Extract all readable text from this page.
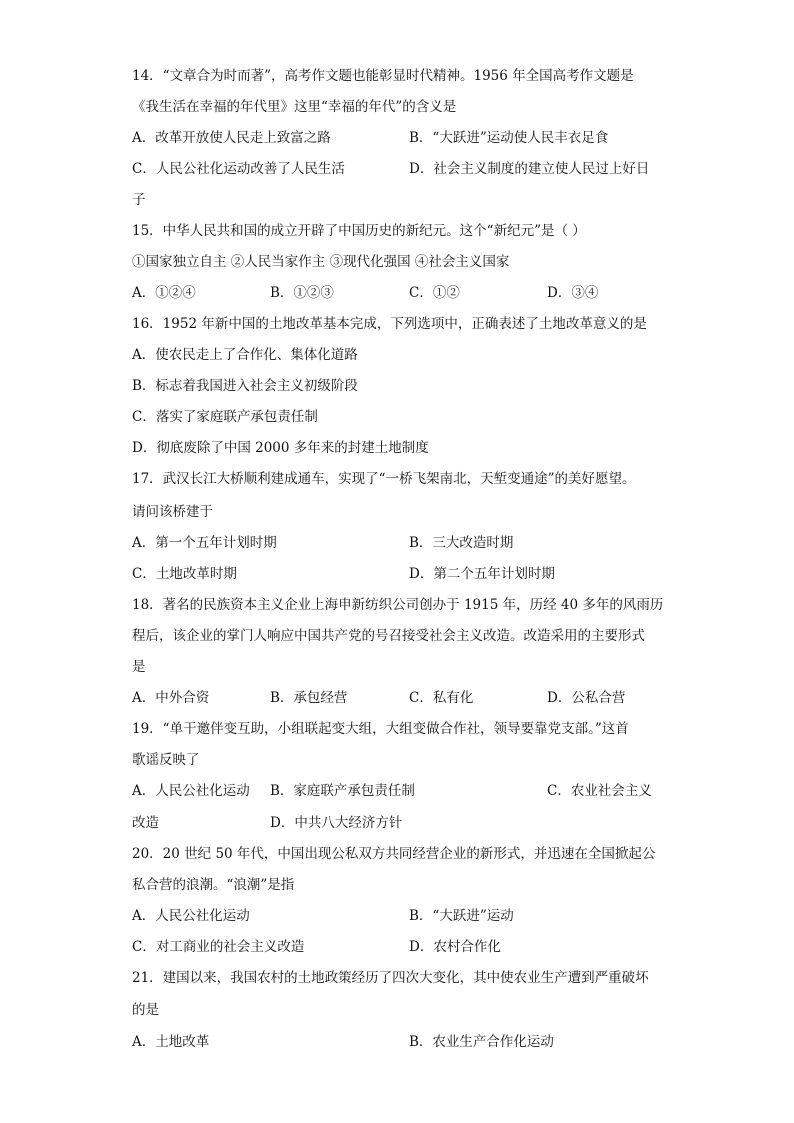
14．“文章合为时而著”，高考作文题也能彰显时代精神。1956 年全国高考作文题是
《我生活在幸福的年代里》这里“幸福的年代”的含义是
A．改革开放使人民走上致富之路	B．“大跃进”运动使人民丰衣足食
C．人民公社化运动改善了人民生活	D．社会主义制度的建立使人民过上好日
子
15．中华人民共和国的成立开辟了中国历史的新纪元。这个“新纪元”是（ ）
①国家独立自主 ②人民当家作主 ③现代化强国 ④社会主义国家
A．①②④	B．①②③	C．①②	D．③④
16．1952 年新中国的土地改革基本完成，下列选项中，正确表述了土地改革意义的是
A．使农民走上了合作化、集体化道路
B．标志着我国进入社会主义初级阶段
C．落实了家庭联产承包责任制
D．彻底废除了中国 2000 多年来的封建土地制度
17．武汉长江大桥顺利建成通车，实现了“一桥飞架南北，天堑变通途”的美好愿望。
请问该桥建于
A．第一个五年计划时期	B．三大改造时期
C．土地改革时期	D．第二个五年计划时期
18．著名的民族资本主义企业上海申新纺织公司创办于 1915 年，历经 40 多年的风雨历
程后，该企业的掌门人响应中国共产党的号召接受社会主义改造。改造采用的主要形式
是
A．中外合资	B．承包经营	C．私有化	D．公私合营
19．“单干邀伴变互助，小组联起变大组，大组变做合作社，领导要靠党支部。”这首
歌谣反映了
A．人民公社化运动 B．家庭联产承包责任制	C．农业社会主义
改造	D．中共八大经济方针
20．20 世纪 50 年代，中国出现公私双方共同经营企业的新形式，并迅速在全国掀起公
私合营的浪潮。“浪潮”是指
A．人民公社化运动	B．“大跃进”运动
C．对工商业的社会主义改造	D．农村合作化
21．建国以来，我国农村的土地政策经历了四次大变化，其中使农业生产遭到严重破坏
的是
A．土地改革	B．农业生产合作化运动
